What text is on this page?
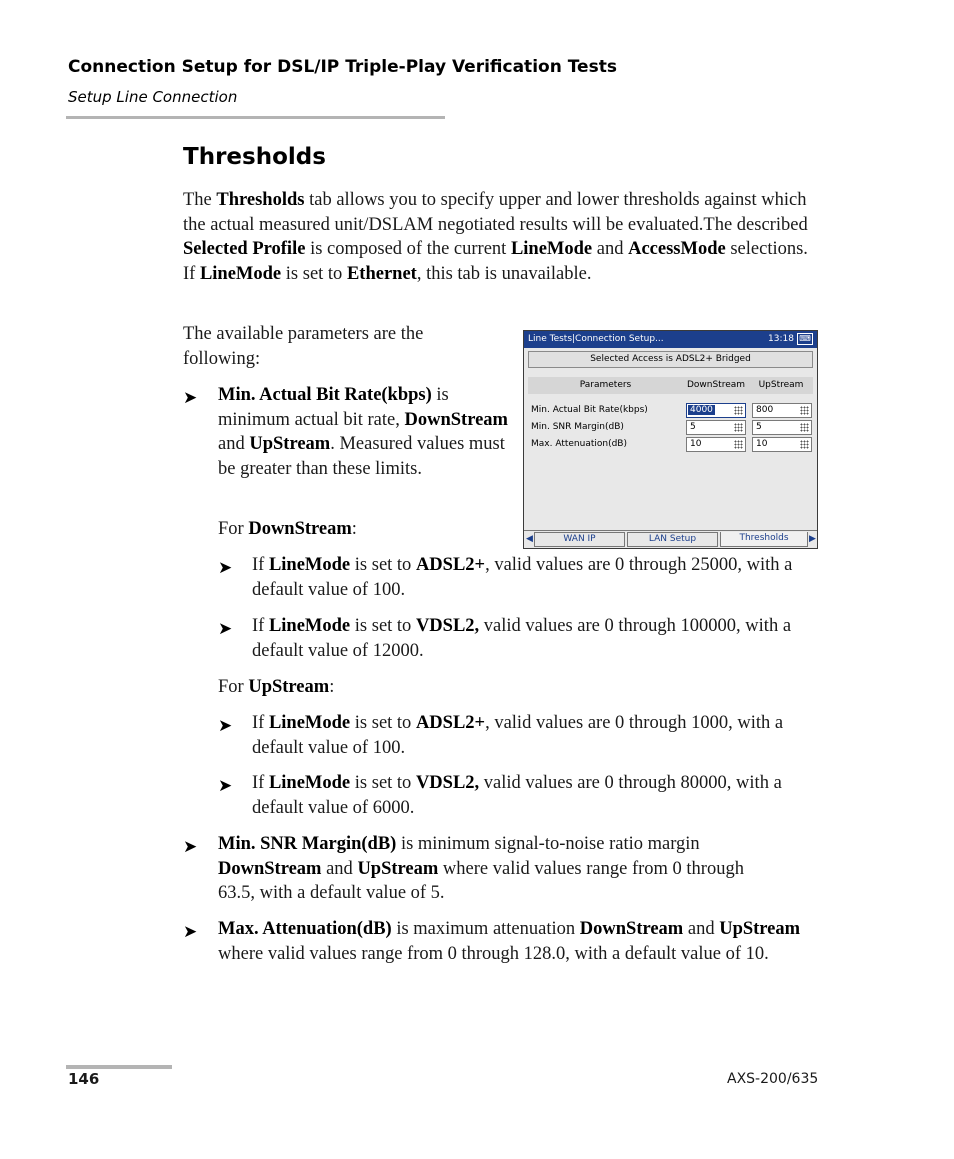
Connection Setup for DSL/IP Triple-Play Verification Tests
Setup Line Connection
Thresholds
The Thresholds tab allows you to specify upper and lower thresholds against which the actual measured unit/DSLAM negotiated results will be evaluated.The described Selected Profile is composed of the current LineMode and AccessMode selections. If LineMode is set to Ethernet, this tab is unavailable.
The available parameters are the following:
➤ Min. Actual Bit Rate(kbps) is minimum actual bit rate, DownStream and UpStream. Measured values must be greater than these limits.
For DownStream:
➤ If LineMode is set to ADSL2+, valid values are 0 through 25000, with a default value of 100.
➤ If LineMode is set to VDSL2, valid values are 0 through 100000, with a default value of 12000.
For UpStream:
➤ If LineMode is set to ADSL2+, valid values are 0 through 1000, with a default value of 100.
➤ If LineMode is set to VDSL2, valid values are 0 through 80000, with a default value of 6000.
➤ Min. SNR Margin(dB) is minimum signal-to-noise ratio margin DownStream and UpStream where valid values range from 0 through 63.5, with a default value of 5.
➤ Max. Attenuation(dB) is maximum attenuation DownStream and UpStream where valid values range from 0 through 128.0, with a default value of 10.
Line Tests|Connection Setup...	13:18 ⌨
Selected Access is ADSL2+ Bridged
Parameters	DownStream	UpStream
Min. Actual Bit Rate(kbps)	4000	800
Min. SNR Margin(dB)	5	5
Max. Attenuation(dB)	10	10
◀	WAN IP	LAN Setup	Thresholds	▶
146	AXS-200/635
